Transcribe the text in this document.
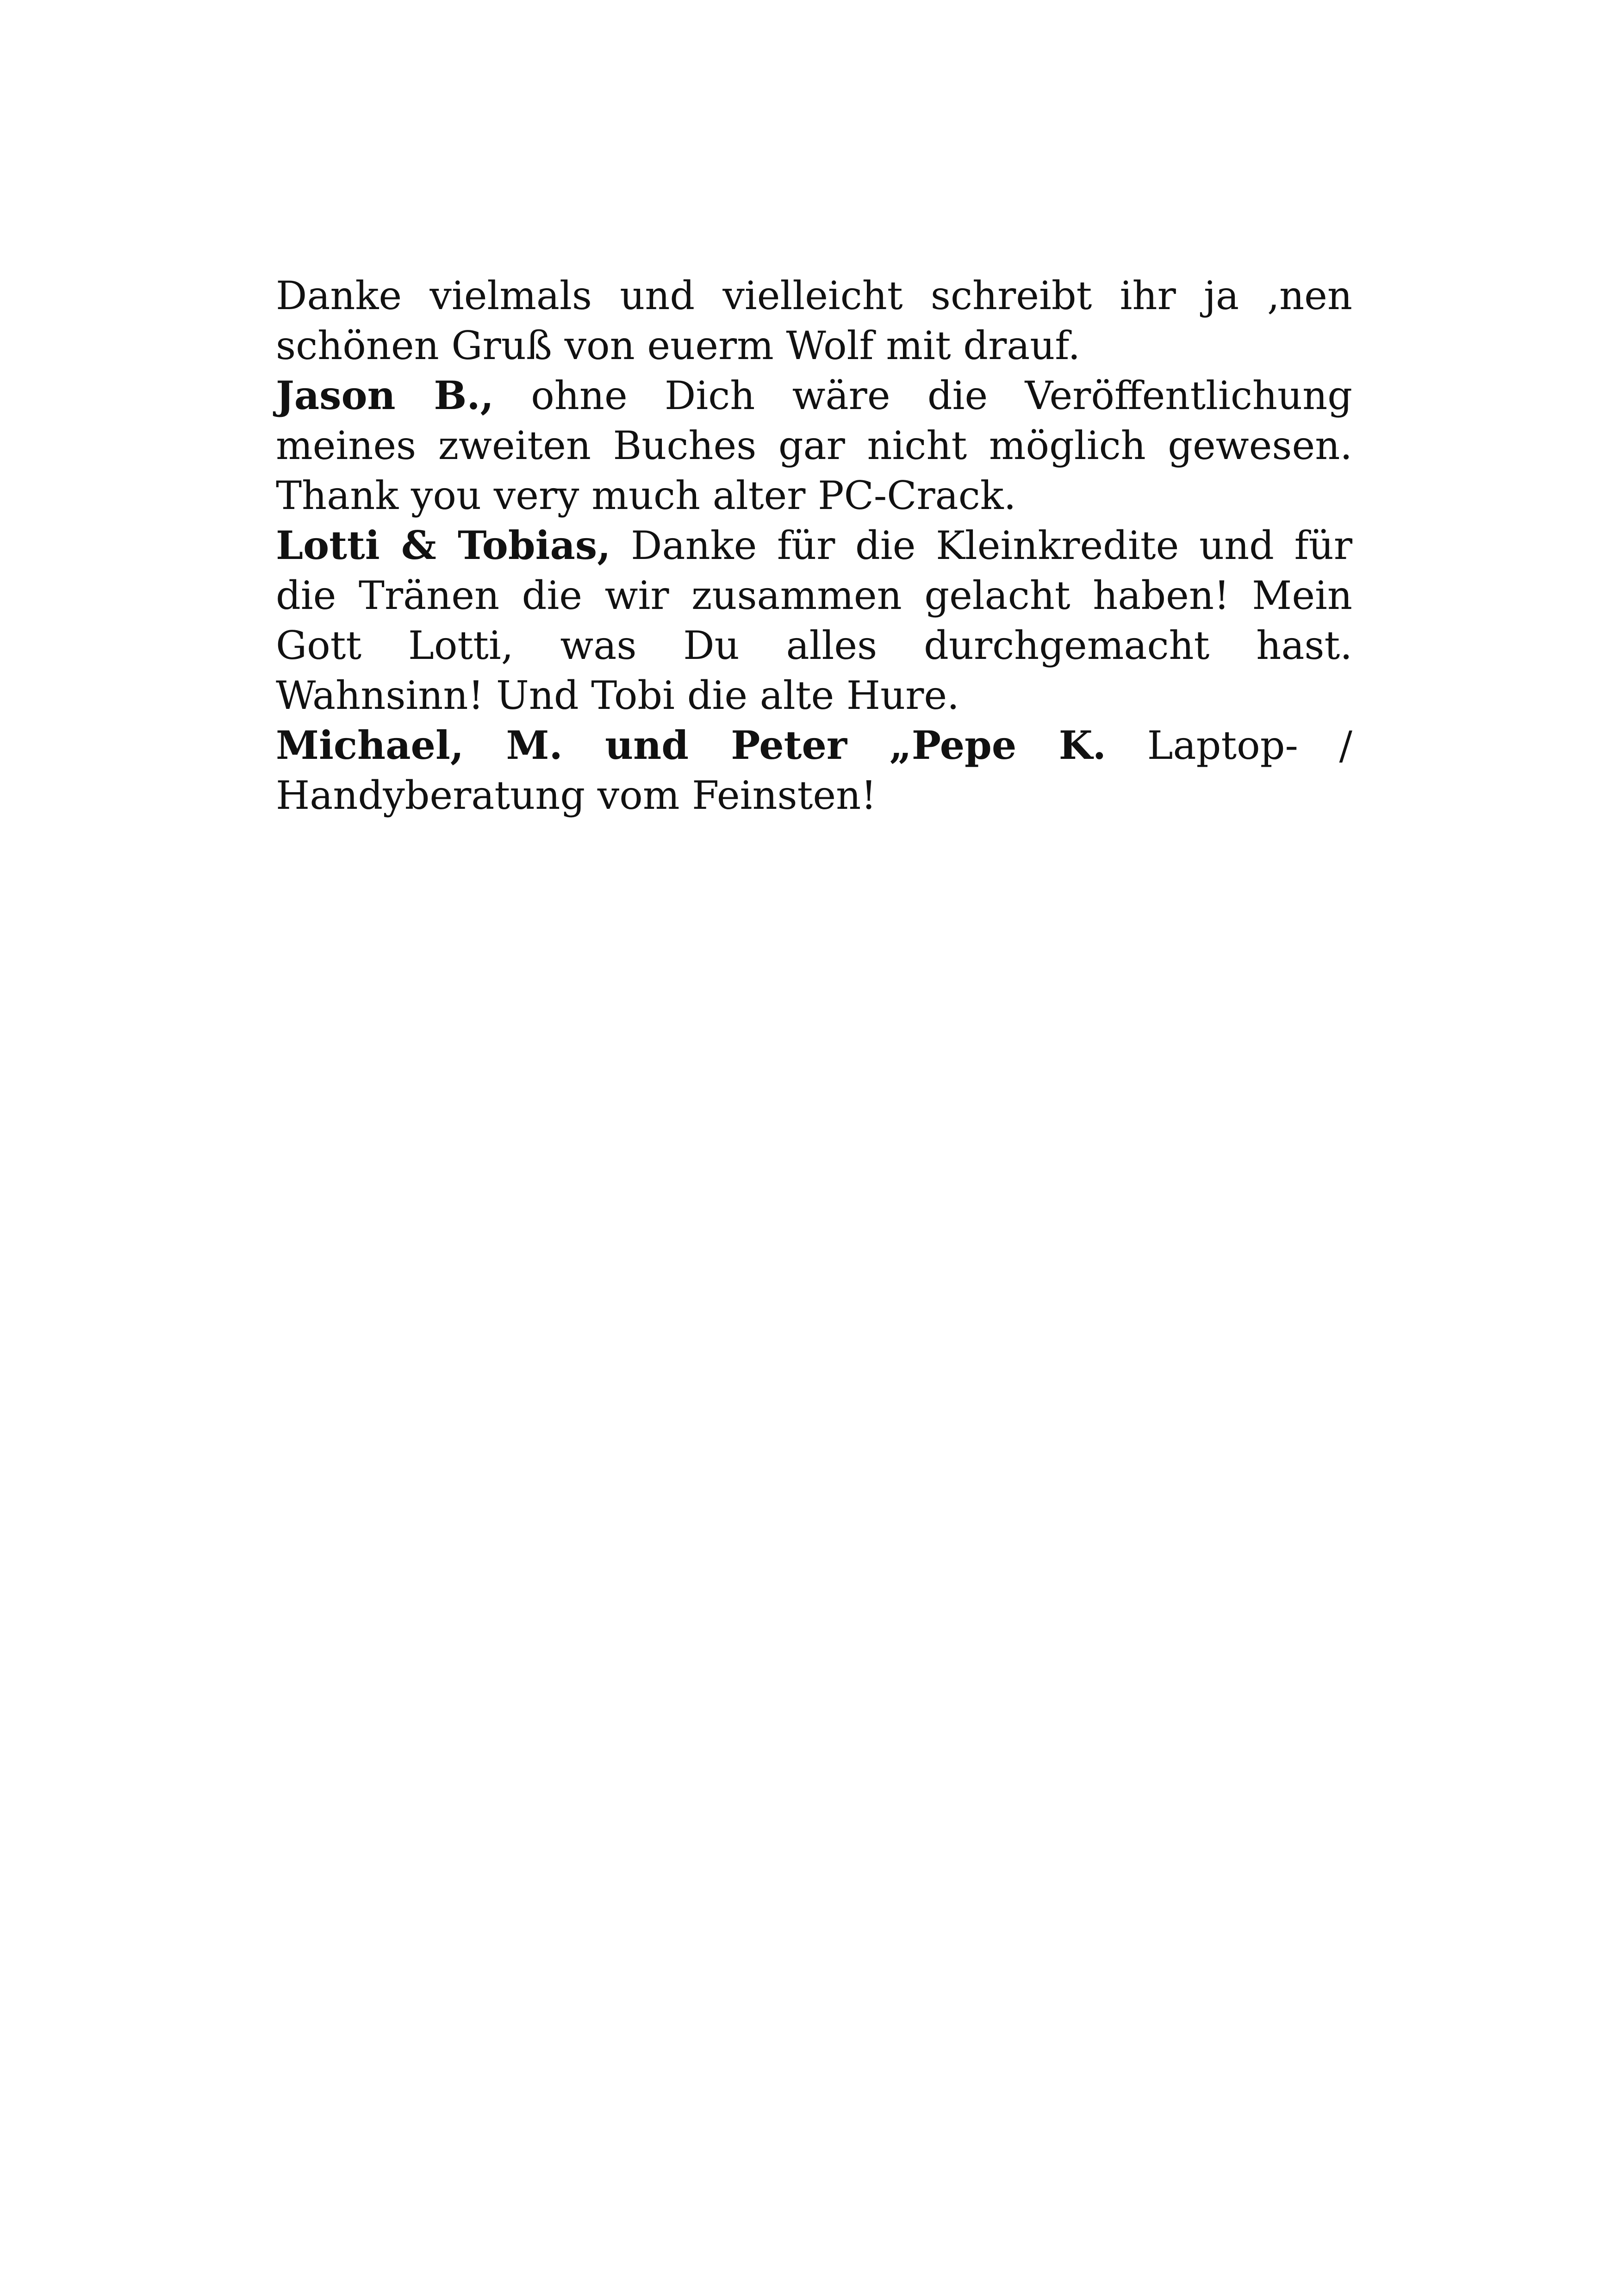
Danke vielmals und vielleicht schreibt ihr ja ‚nen schönen Gruß von euerm Wolf mit drauf.

Jason B., ohne Dich wäre die Veröffentlichung meines zweiten Buches gar nicht möglich gewesen. Thank you very much alter PC-Crack.

Lotti & Tobias, Danke für die Kleinkredite und für die Tränen die wir zusammen gelacht haben! Mein Gott Lotti, was Du alles durchgemacht hast. Wahnsinn! Und Tobi die alte Hure.

Michael, M. und Peter „Pepe K. Laptop- / Handyberatung vom Feinsten!
